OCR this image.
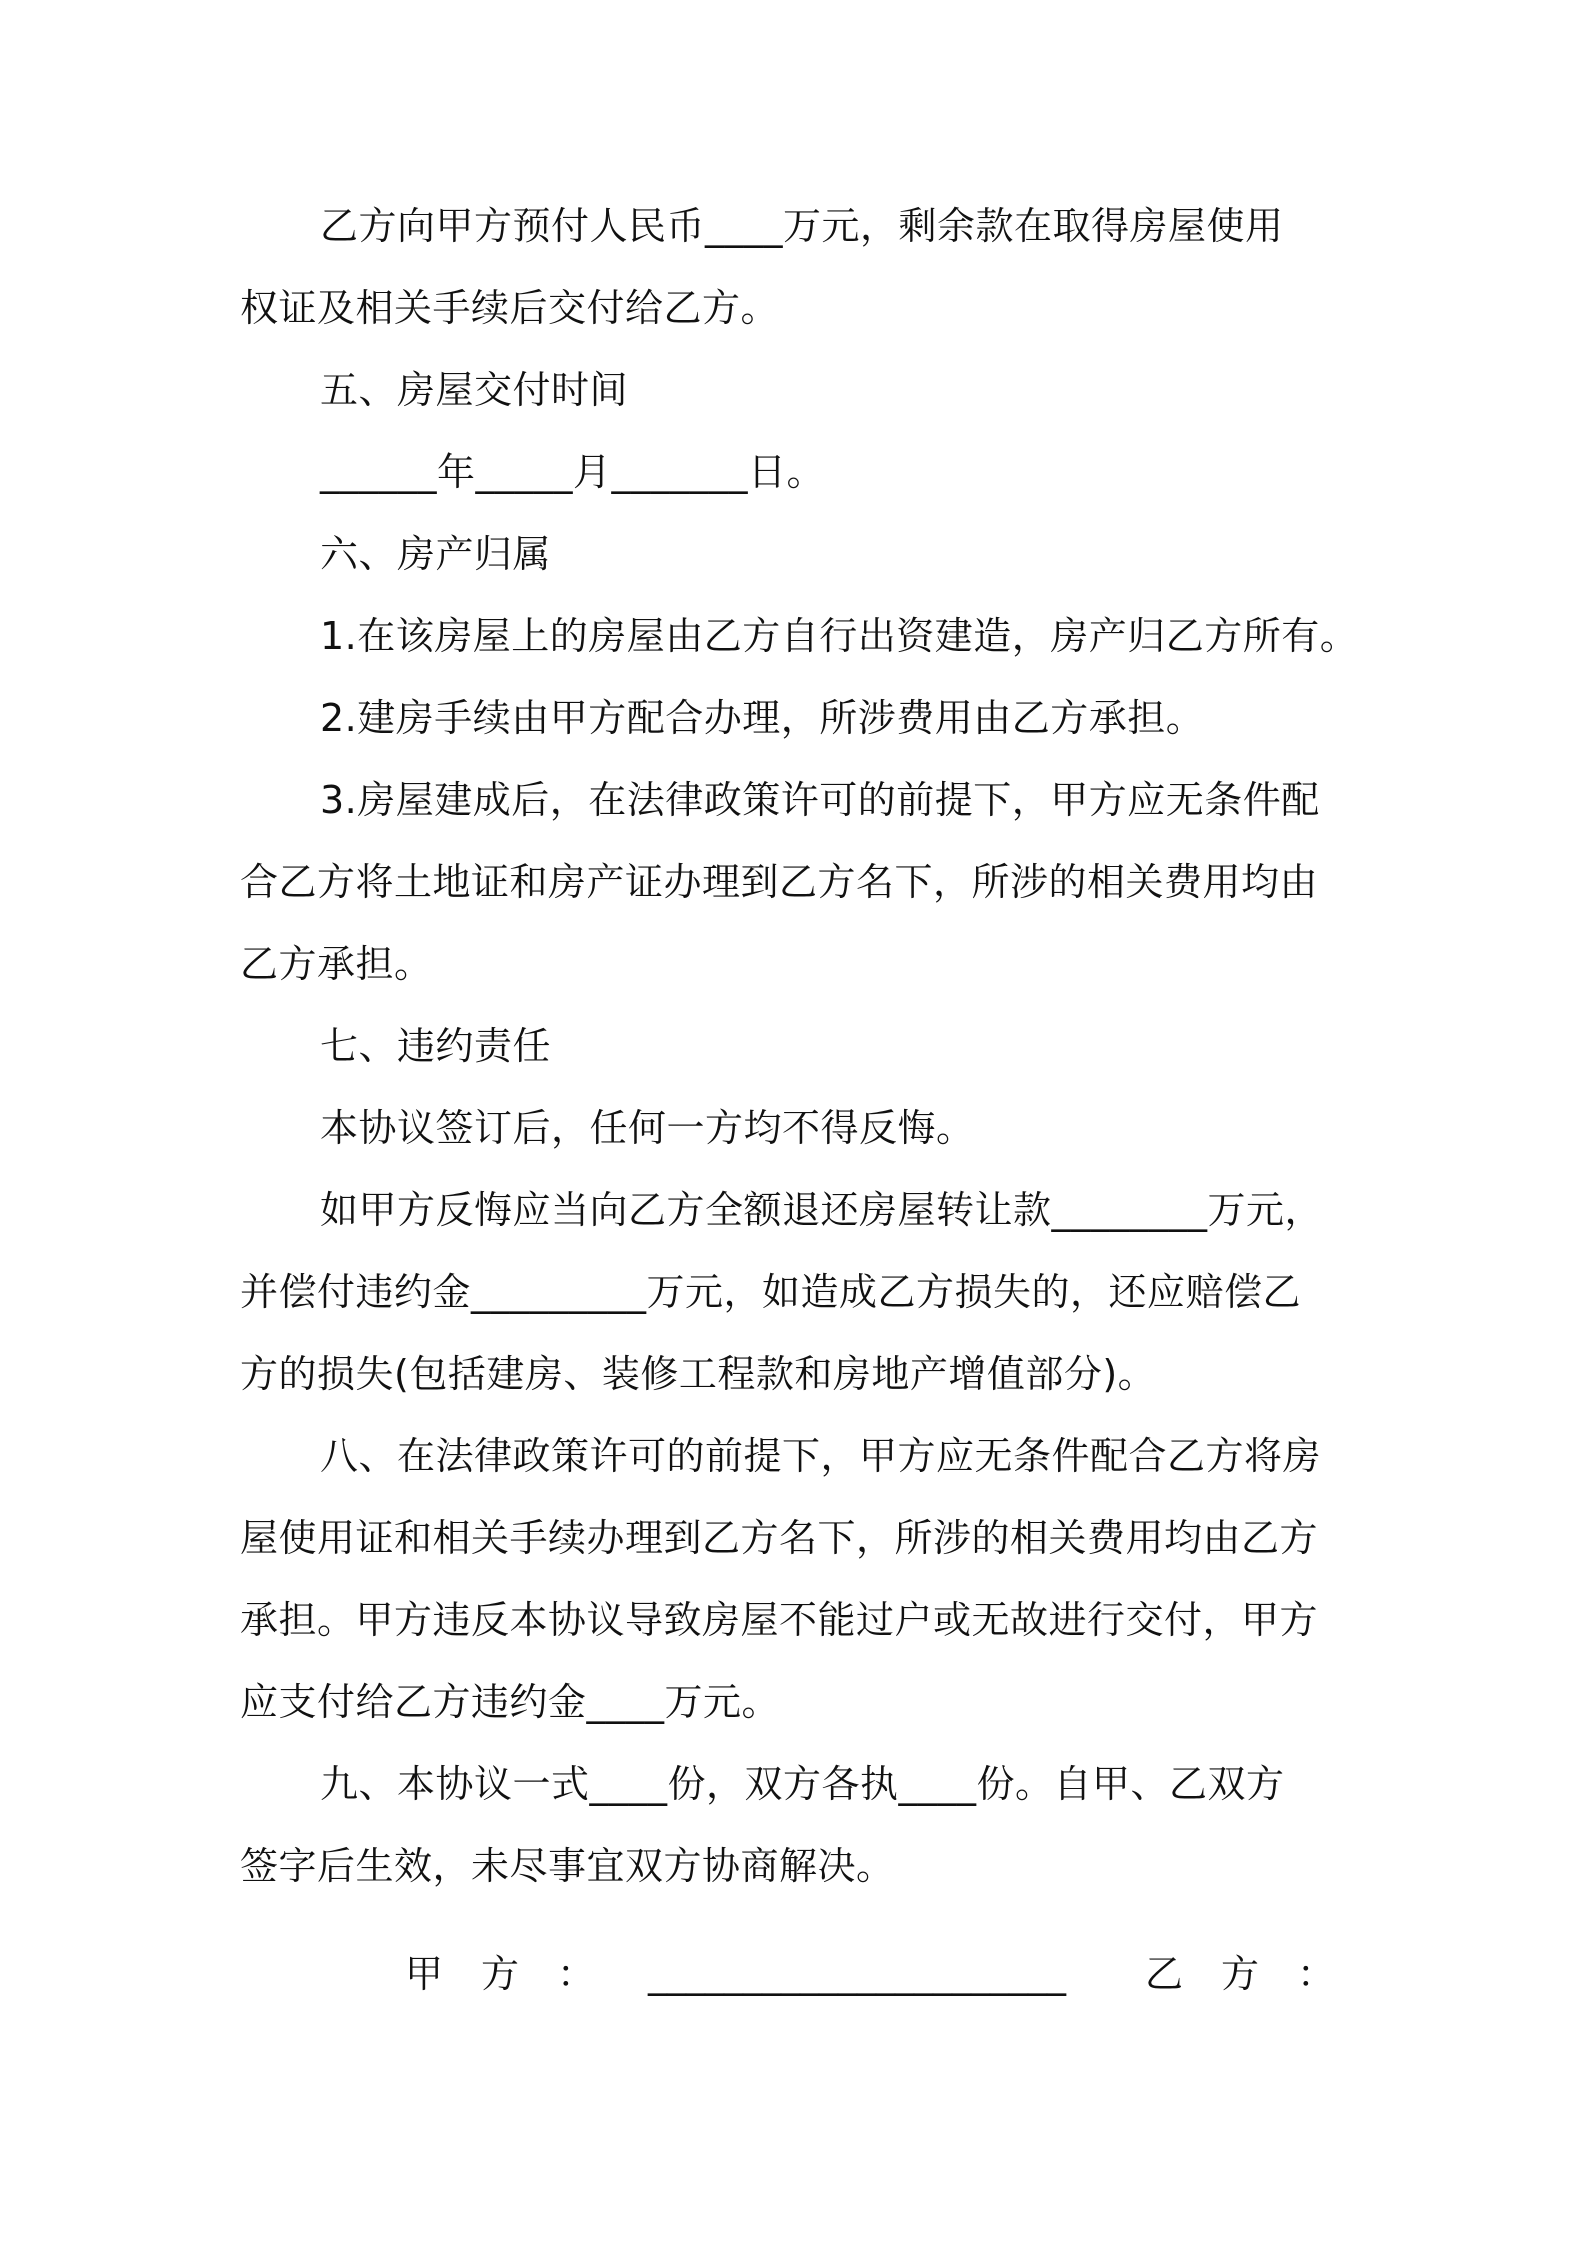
乙方向甲方预付人民币____万元，剩余款在取得房屋使用
权证及相关手续后交付给乙方。
五、房屋交付时间
______年_____月_______日。
六、房产归属
1.在该房屋上的房屋由乙方自行出资建造，房产归乙方所有。
2.建房手续由甲方配合办理，所涉费用由乙方承担。
3.房屋建成后，在法律政策许可的前提下，甲方应无条件配
合乙方将土地证和房产证办理到乙方名下，所涉的相关费用均由
乙方承担。
七、违约责任
本协议签订后，任何一方均不得反悔。
如甲方反悔应当向乙方全额退还房屋转让款________万元，
并偿付违约金_________万元，如造成乙方损失的，还应赔偿乙
方的损失(包括建房、装修工程款和房地产增值部分)。
八、在法律政策许可的前提下，甲方应无条件配合乙方将房
屋使用证和相关手续办理到乙方名下，所涉的相关费用均由乙方
承担。甲方违反本协议导致房屋不能过户或无故进行交付，甲方
应支付给乙方违约金____万元。
九、本协议一式____份，双方各执____份。自甲、乙双方
签字后生效，未尽事宜双方协商解决。
甲　方　： ______________________ 乙　方　：
